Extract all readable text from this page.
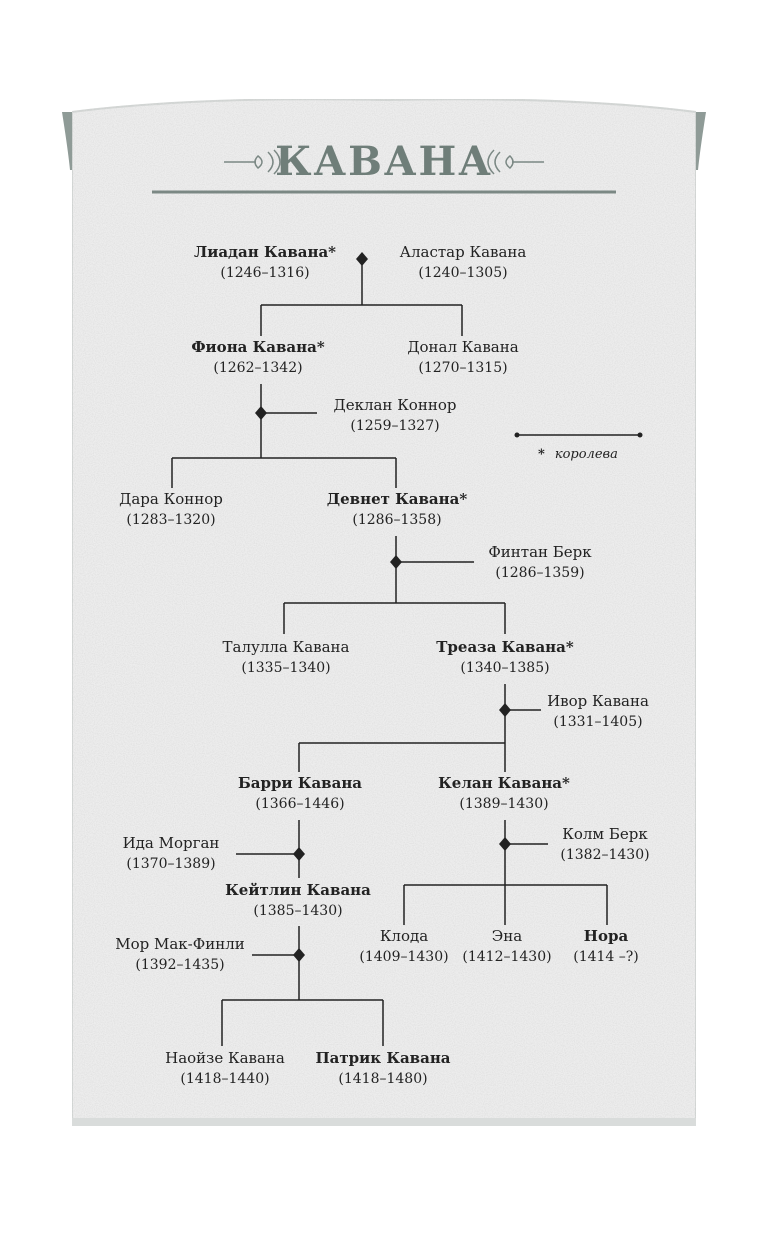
КАВАНА
* королева
Лиадан Кавана*
(1246–1316)
Аластар Кавана
(1240–1305)
Фиона Кавана*
(1262–1342)
Донал Кавана
(1270–1315)
Деклан Коннор
(1259–1327)
Дара Коннор
(1283–1320)
Девнет Кавана*
(1286–1358)
Финтан Берк
(1286–1359)
Талулла Кавана
(1335–1340)
Треаза Кавана*
(1340–1385)
Ивор Кавана
(1331–1405)
Барри Кавана
(1366–1446)
Келан Кавана*
(1389–1430)
Ида Морган
(1370–1389)
Колм Берк
(1382–1430)
Кейтлин Кавана
(1385–1430)
Клода
(1409–1430)
Эна
(1412–1430)
Нора
(1414 –?)
Мор Мак-Финли
(1392–1435)
Наойзе Кавана
(1418–1440)
Патрик Кавана
(1418–1480)
